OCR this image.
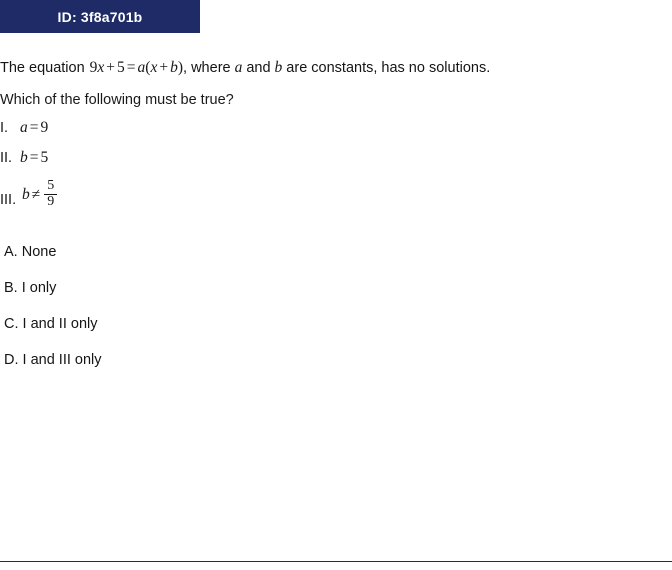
ID: 3f8a701b
The equation 9x + 5 = a(x + b) , where a and b are constants, has no solutions.
Which of the following must be true?
I. a = 9
II. b = 5
III. $b \ne \frac{5}{9}$
A. None
B. I only
C. I and II only
D. I and III only
